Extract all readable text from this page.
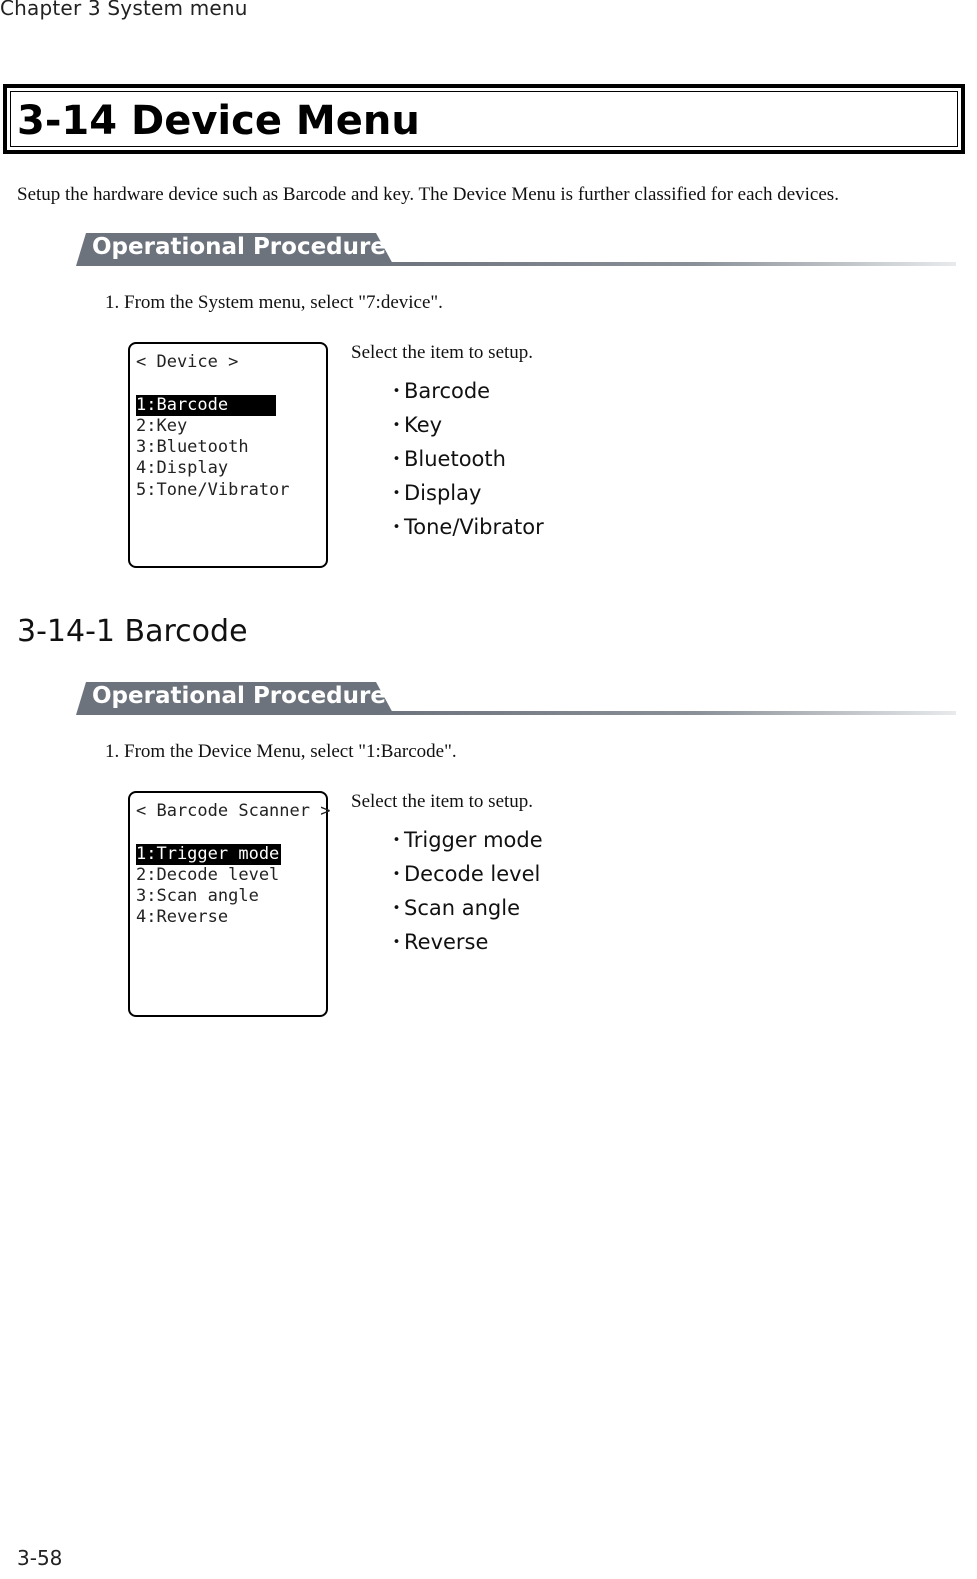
Chapter 3 System menu
3-14 Device Menu
Setup the hardware device such as Barcode and key. The Device Menu is further classified for each devices.
Operational Procedure
1. From the System menu, select "7:device".
< Device >
1:Barcode
2:Key
3:Bluetooth
4:Display
5:Tone/Vibrator
Select the item to setup.
・Barcode
・Key
・Bluetooth
・Display
・Tone/Vibrator
3-14-1 Barcode
Operational Procedure
1. From the Device Menu, select "1:Barcode".
< Barcode Scanner >
1:Trigger mode
2:Decode level
3:Scan angle
4:Reverse
Select the item to setup.
・Trigger mode
・Decode level
・Scan angle
・Reverse
3-58
